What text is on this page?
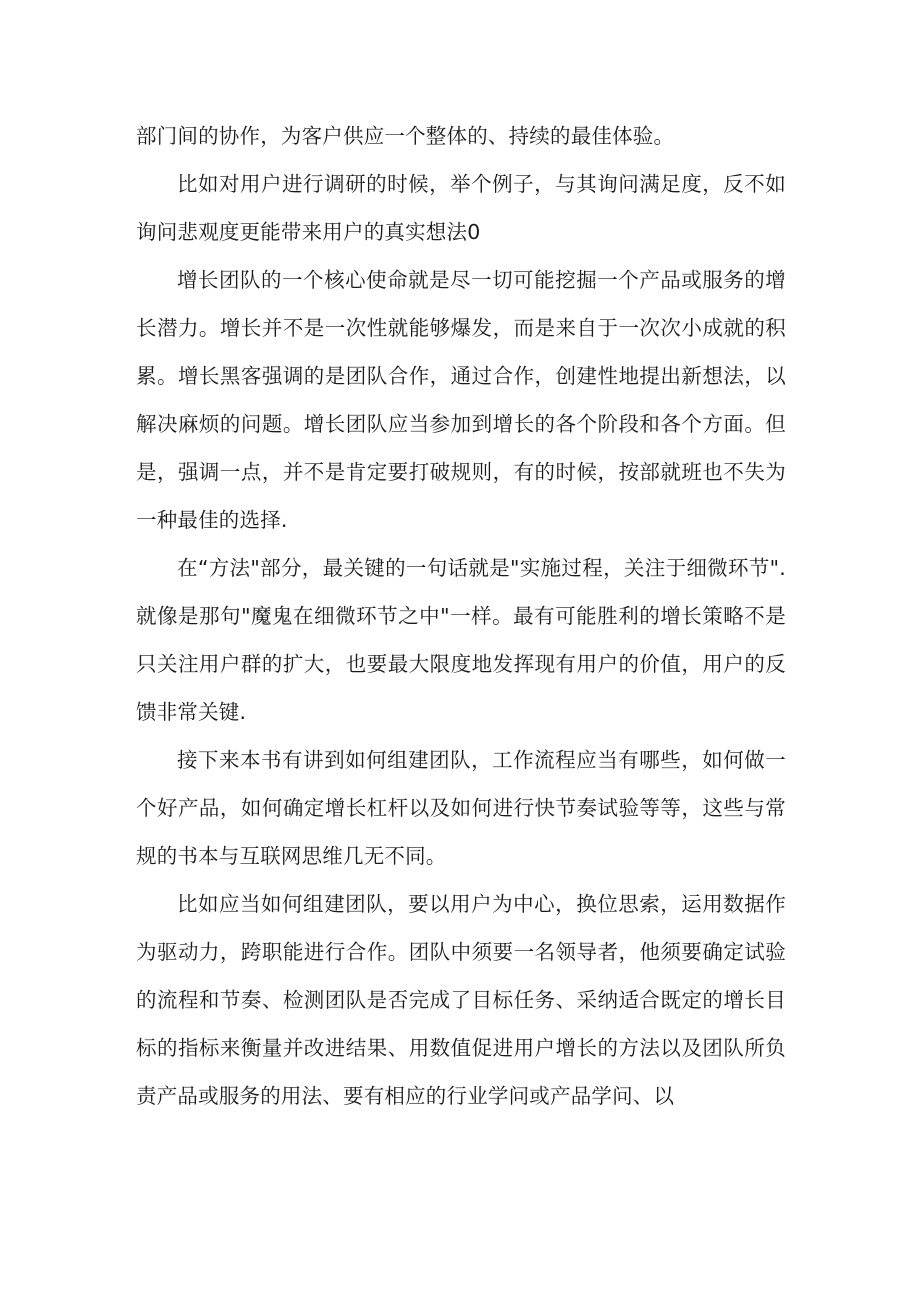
部门间的协作，为客户供应一个整体的、持续的最佳体验。

比如对用户进行调研的时候，举个例子，与其询问满足度，反不如询问悲观度更能带来用户的真实想法0

增长团队的一个核心使命就是尽一切可能挖掘一个产品或服务的增长潜力。增长并不是一次性就能够爆发，而是来自于一次次小成就的积累。增长黑客强调的是团队合作，通过合作，创建性地提出新想法，以解决麻烦的问题。增长团队应当参加到增长的各个阶段和各个方面。但是，强调一点，并不是肯定要打破规则，有的时候，按部就班也不失为一种最佳的选择.

在“方法"部分，最关键的一句话就是"实施过程，关注于细微环节".就像是那句"魔鬼在细微环节之中"一样。最有可能胜利的增长策略不是只关注用户群的扩大，也要最大限度地发挥现有用户的价值，用户的反馈非常关键.

接下来本书有讲到如何组建团队，工作流程应当有哪些，如何做一个好产品，如何确定增长杠杆以及如何进行快节奏试验等等，这些与常规的书本与互联网思维几无不同。

比如应当如何组建团队，要以用户为中心，换位思索，运用数据作为驱动力，跨职能进行合作。团队中须要一名领导者，他须要确定试验的流程和节奏、检测团队是否完成了目标任务、采纳适合既定的增长目标的指标来衡量并改进结果、用数值促进用户增长的方法以及团队所负责产品或服务的用法、要有相应的行业学问或产品学问、以
